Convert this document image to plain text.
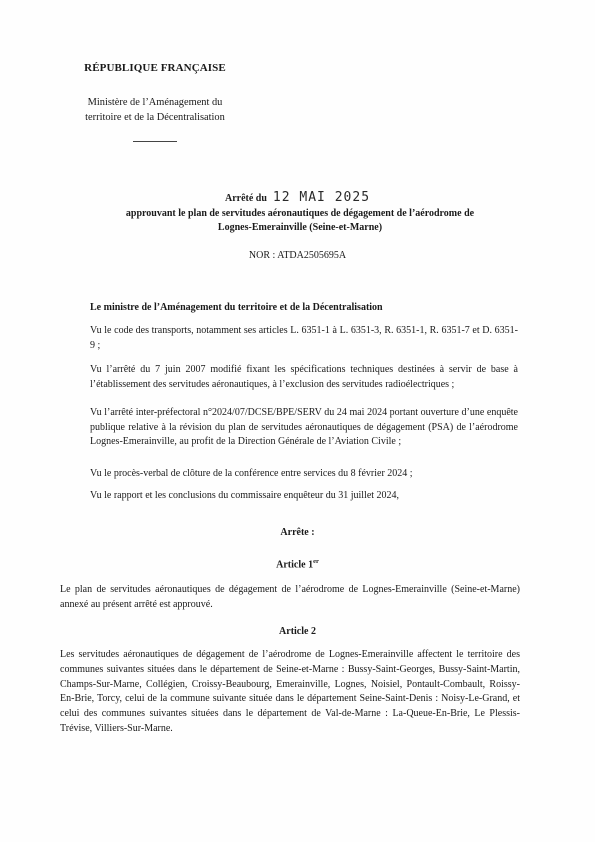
RÉPUBLIQUE FRANÇAISE
Ministère de l’Aménagement du
territoire et de la Décentralisation
Arrêté du 12 MAI 2025
approuvant le plan de servitudes aéronautiques de dégagement de l’aérodrome de
Lognes-Emerainville (Seine-et-Marne)
NOR : ATDA2505695A
Le ministre de l’Aménagement du territoire et de la Décentralisation
Vu le code des transports, notamment ses articles L. 6351-1 à L. 6351-3, R. 6351-1, R. 6351-7 et D. 6351-9 ;
Vu l’arrêté du 7 juin 2007 modifié fixant les spécifications techniques destinées à servir de base à l’établissement des servitudes aéronautiques, à l’exclusion des servitudes radioélectriques ;
Vu l’arrêté inter-préfectoral n°2024/07/DCSE/BPE/SERV du 24 mai 2024 portant ouverture d’une enquête publique relative à la révision du plan de servitudes aéronautiques de dégagement (PSA) de l’aérodrome Lognes-Emerainville, au profit de la Direction Générale de l’Aviation Civile ;
Vu le procès-verbal de clôture de la conférence entre services du 8 février 2024 ;
Vu le rapport et les conclusions du commissaire enquêteur du 31 juillet 2024,
Arrête :
Article 1er
Le plan de servitudes aéronautiques de dégagement de l’aérodrome de Lognes-Emerainville (Seine-et-Marne) annexé au présent arrêté est approuvé.
Article 2
Les servitudes aéronautiques de dégagement de l’aérodrome de Lognes-Emerainville affectent le territoire des communes suivantes situées dans le département de Seine-et-Marne : Bussy-Saint-Georges, Bussy-Saint-Martin, Champs-Sur-Marne, Collégien, Croissy-Beaubourg, Emerainville, Lognes, Noisiel, Pontault-Combault, Roissy-En-Brie, Torcy, celui de la commune suivante située dans le département Seine-Saint-Denis : Noisy-Le-Grand, et celui des communes suivantes situées dans le département de Val-de-Marne : La-Queue-En-Brie, Le Plessis-Trévise, Villiers-Sur-Marne.
